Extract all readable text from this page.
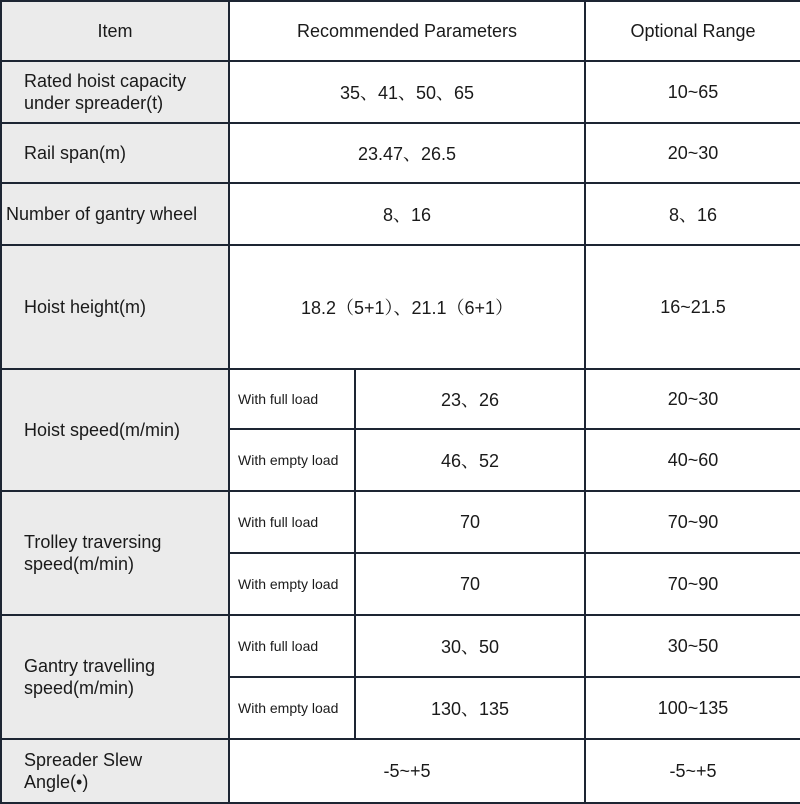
Item	Recommended Parameters		Optional Range

Rated hoist capacity
under spreader(t)	35、41、50、65		10~65
Rail span(m)	23.47、26.5		20~30
Number of gantry wheel	8、16		8、16
Hoist height(m)	18.2（5+1）、21.1（6+1）		16~21.5
Hoist speed(m/min)	With full load	23、26	20~30
	With empty load	46、52	40~60

Trolley traversing
speed(m/min)	With full load	70	70~90
	With empty load	70	70~90

Gantry travelling
speed(m/min)	With full load	30、50	30~50
	With empty load	130、135	100~135

Spreader Slew
Angle(•)	-5~+5		-5~+5
